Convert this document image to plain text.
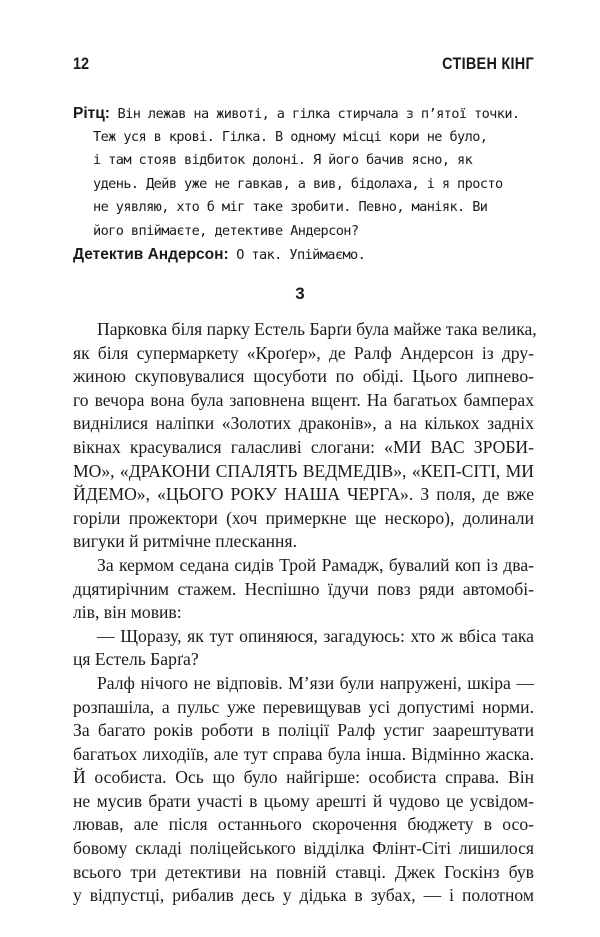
12	СТІВЕН КІНГ
Рітц: Він лежав на животі, а гілка стирчала з п’ятої точки.
Теж уся в крові. Гілка. В одному місці кори не було,
і там стояв відбиток долоні. Я його бачив ясно, як
удень. Дейв уже не гавкав, а вив, бідолаха, і я просто
не уявляю, хто б міг таке зробити. Певно, маніяк. Ви
його впіймаєте, детективе Андерсон?
Детектив Андерсон: О так. Упіймаємо.
3
Парковка біля парку Естель Барґи була майже така велика,
як біля супермаркету «Кроґер», де Ралф Андерсон із дру-
жиною скуповувалися щосуботи по обіді. Цього липнево-
го вечора вона була заповнена вщент. На багатьох бамперах
виднілися наліпки «Золотих драконів», а на кількох задніх
вікнах красувалися галасливі слогани: «МИ ВАС ЗРОБИ-
МО», «ДРАКОНИ СПАЛЯТЬ ВЕДМЕДІВ», «КЕП-СІТІ, МИ
ЙДЕМО», «ЦЬОГО РОКУ НАША ЧЕРГА». З поля, де вже
горіли прожектори (хоч примеркне ще нескоро), долинали
вигуки й ритмічне плескання.
За кермом седана сидів Трой Рамадж, бувалий коп із два-
дцятирічним стажем. Неспішно їдучи повз ряди автомобі-
лів, він мовив:
— Щоразу, як тут опиняюся, загадуюсь: хто ж вбіса така
ця Естель Барґа?
Ралф нічого не відповів. М’язи були напружені, шкіра —
розпашіла, а пульс уже перевищував усі допустимі норми.
За багато років роботи в поліції Ралф устиг заарештувати
багатьох лиходіїв, але тут справа була інша. Відмінно жаска.
Й особиста. Ось що було найгірше: особиста справа. Він
не мусив брати участі в цьому арешті й чудово це усвідом-
лював, але після останнього скорочення бюджету в осо-
бовому складі поліцейського відділка Флінт-Сіті лишилося
всього три детективи на повній ставці. Джек Госкінз був
у відпустці, рибалив десь у дідька в зубах, — і полотном
